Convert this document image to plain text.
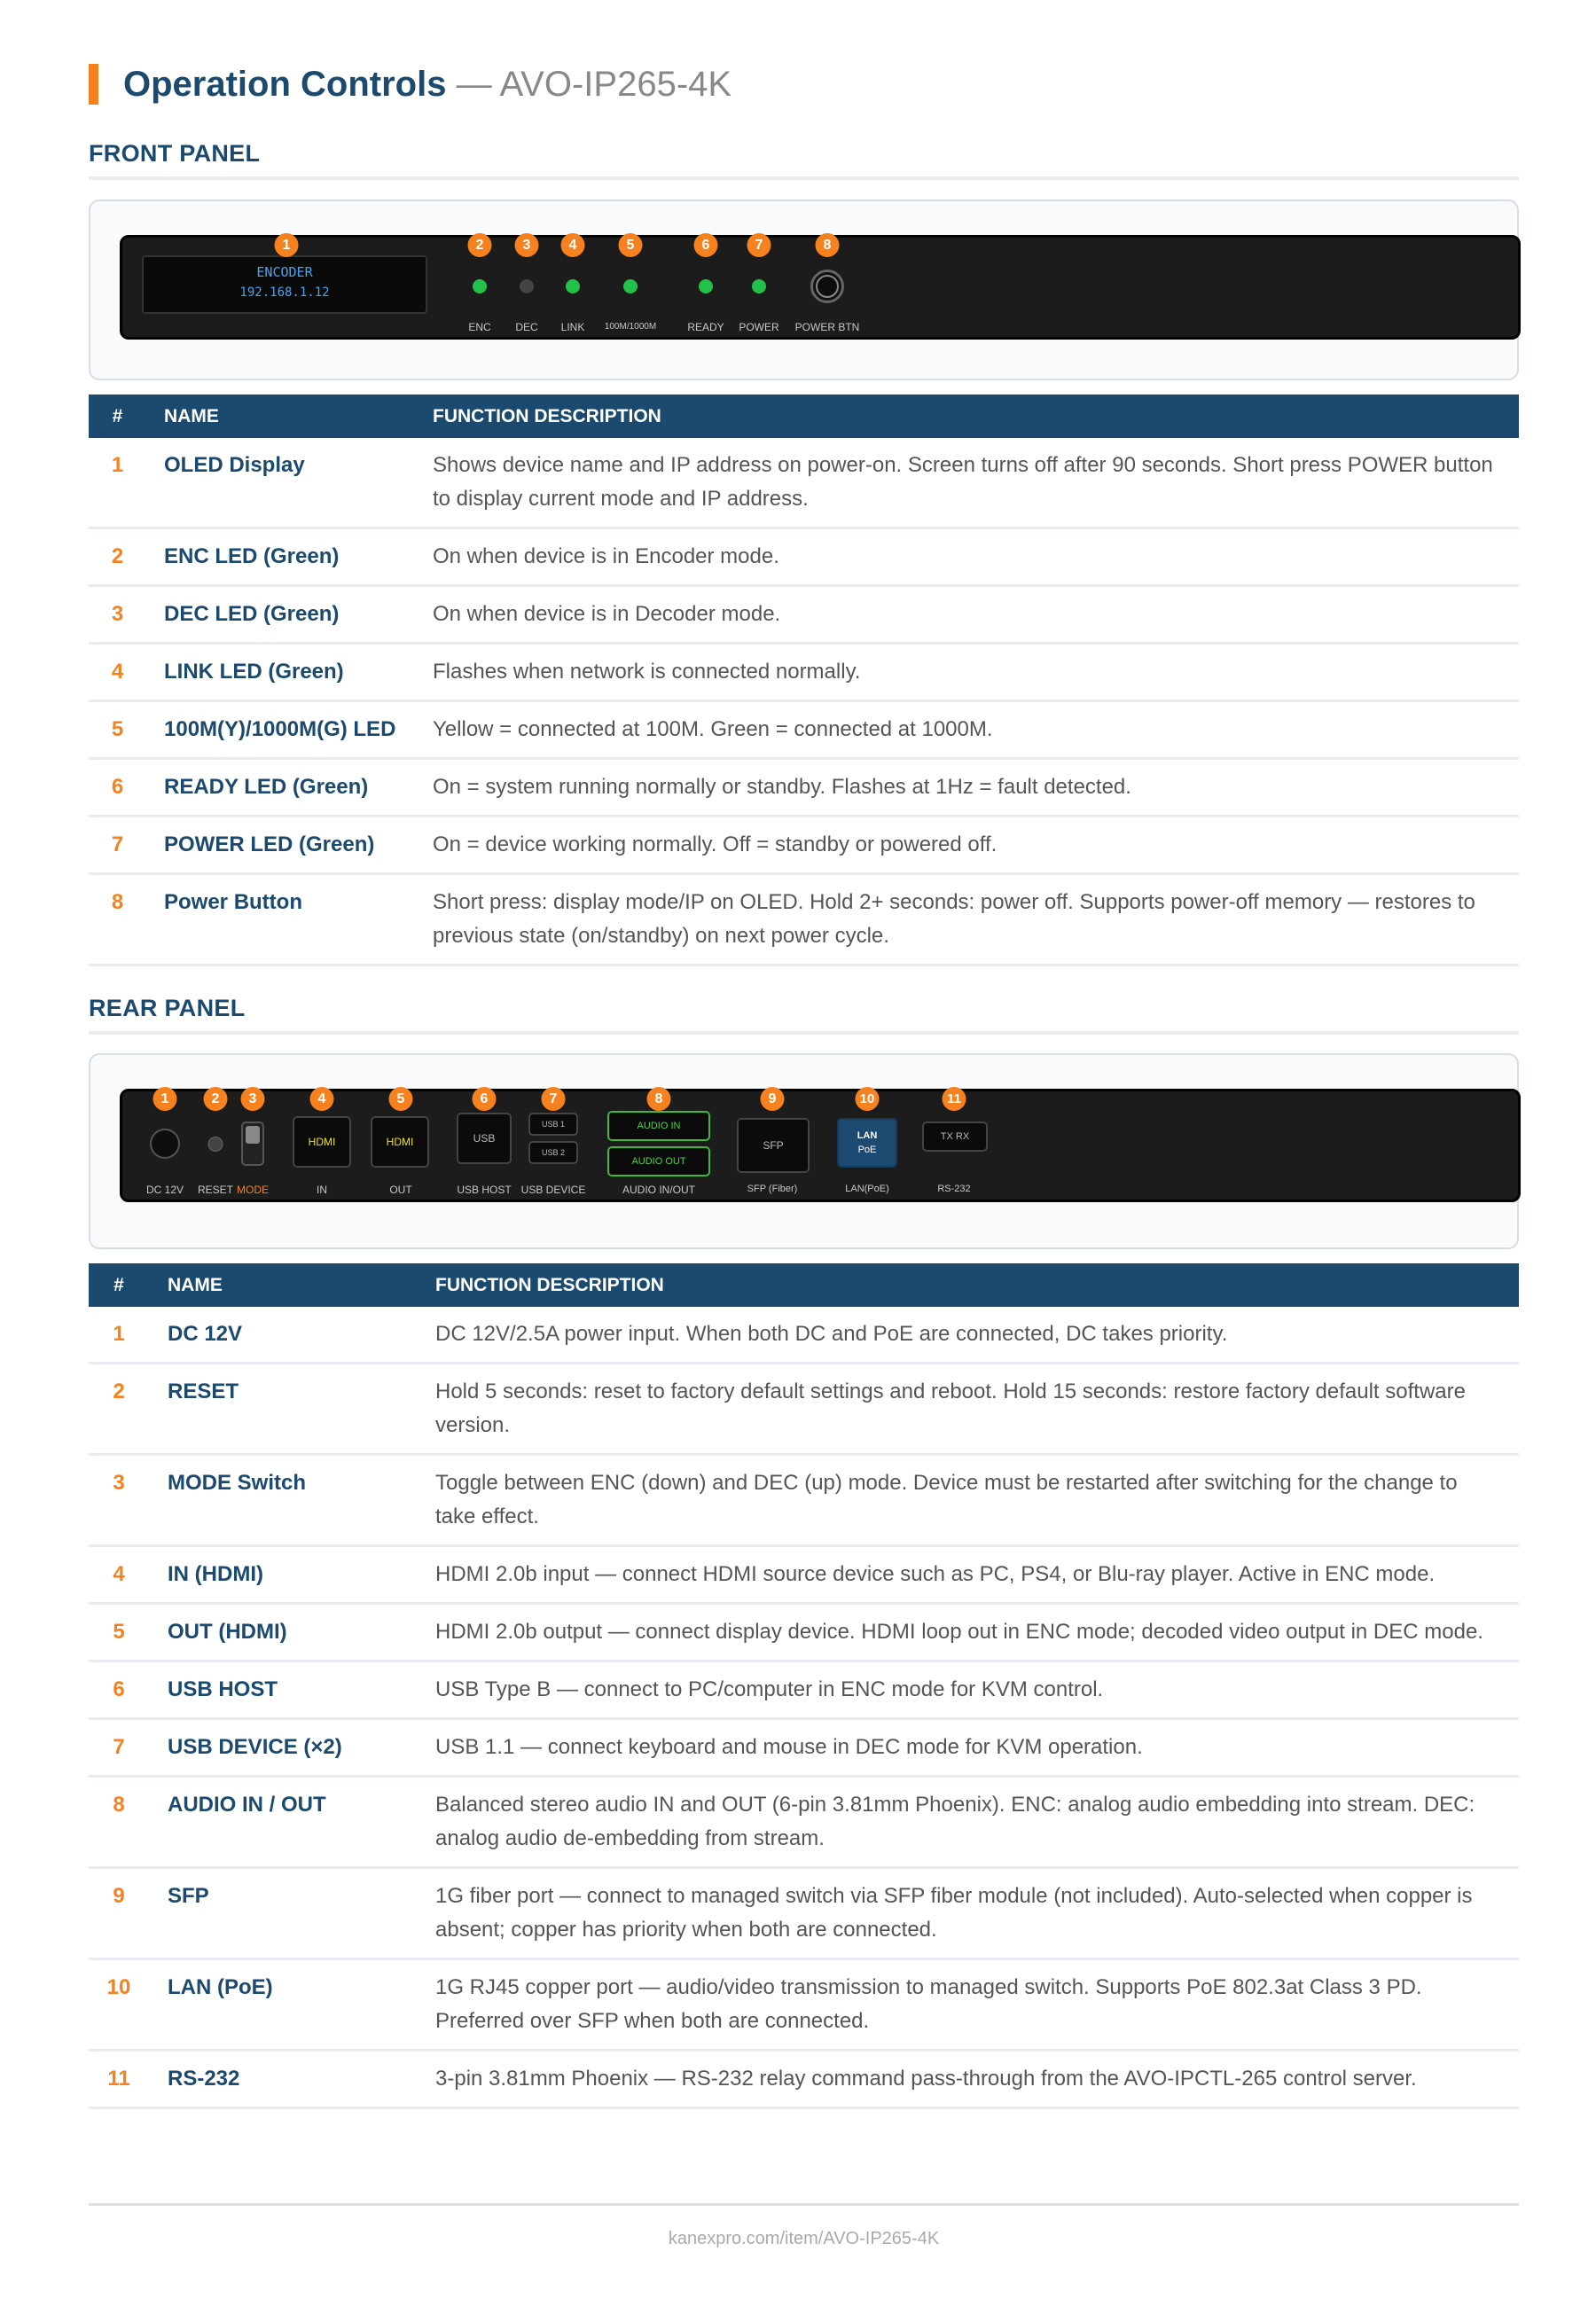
Operation Controls — AVO-IP265-4K
FRONT PANEL
ENCODER
192.168.1.12
1	2	3	4	5	6	7	8
ENC DEC LINK 100M/1000M	READY POWER POWER BTN
#	NAME	FUNCTION DESCRIPTION
1	OLED Display	Shows device name and IP address on power-on. Screen turns off after 90 seconds. Short press POWER button to display current mode and IP address.
2	ENC LED (Green)	On when device is in Encoder mode.
3	DEC LED (Green)	On when device is in Decoder mode.
4	LINK LED (Green)	Flashes when network is connected normally.
5	100M(Y)/1000M(G) LED	Yellow = connected at 100M. Green = connected at 1000M.
6	READY LED (Green)	On = system running normally or standby. Flashes at 1Hz = fault detected.
7	POWER LED (Green)	On = device working normally. Off = standby or powered off.
8	Power Button	Short press: display mode/IP on OLED. Hold 2+ seconds: power off. Supports power-off memory — restores to previous state (on/standby) on next power cycle.
REAR PANEL
1	2	3	4	5	6	7	8	9	10	11
HDMI	HDMI	USB
USB 1
USB 2
AUDIO IN
AUDIO OUT
SFP
LAN
PoE
TX RX
DC 12V RESET MODE	IN	OUT	USB HOST USB DEVICE	AUDIO IN/OUT	SFP (Fiber)	LAN(PoE)	RS-232
#	NAME	FUNCTION DESCRIPTION
1	DC 12V	DC 12V/2.5A power input. When both DC and PoE are connected, DC takes priority.
2	RESET	Hold 5 seconds: reset to factory default settings and reboot. Hold 15 seconds: restore factory default software version.
3	MODE Switch	Toggle between ENC (down) and DEC (up) mode. Device must be restarted after switching for the change to take effect.
4	IN (HDMI)	HDMI 2.0b input — connect HDMI source device such as PC, PS4, or Blu-ray player. Active in ENC mode.
5	OUT (HDMI)	HDMI 2.0b output — connect display device. HDMI loop out in ENC mode; decoded video output in DEC mode.
6	USB HOST	USB Type B — connect to PC/computer in ENC mode for KVM control.
7	USB DEVICE (×2)	USB 1.1 — connect keyboard and mouse in DEC mode for KVM operation.
8	AUDIO IN / OUT	Balanced stereo audio IN and OUT (6-pin 3.81mm Phoenix). ENC: analog audio embedding into stream. DEC: analog audio de-embedding from stream.
9	SFP	1G fiber port — connect to managed switch via SFP fiber module (not included). Auto-selected when copper is absent; copper has priority when both are connected.
10	LAN (PoE)	1G RJ45 copper port — audio/video transmission to managed switch. Supports PoE 802.3at Class 3 PD. Preferred over SFP when both are connected.
11	RS-232	3-pin 3.81mm Phoenix — RS-232 relay command pass-through from the AVO-IPCTL-265 control server.
kanexpro.com/item/AVO-IP265-4K
